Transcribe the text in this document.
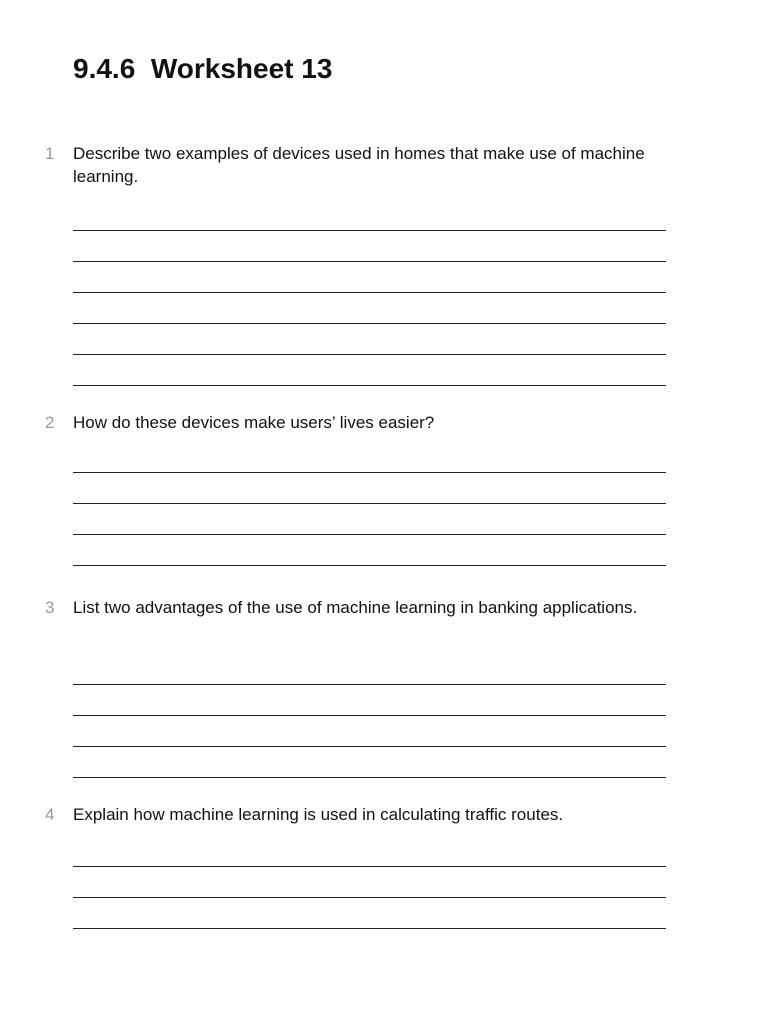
9.4.6  Worksheet 13
1 Describe two examples of devices used in homes that make use of machine learning.
2 How do these devices make users’ lives easier?
3 List two advantages of the use of machine learning in banking applications.
4 Explain how machine learning is used in calculating traffic routes.
